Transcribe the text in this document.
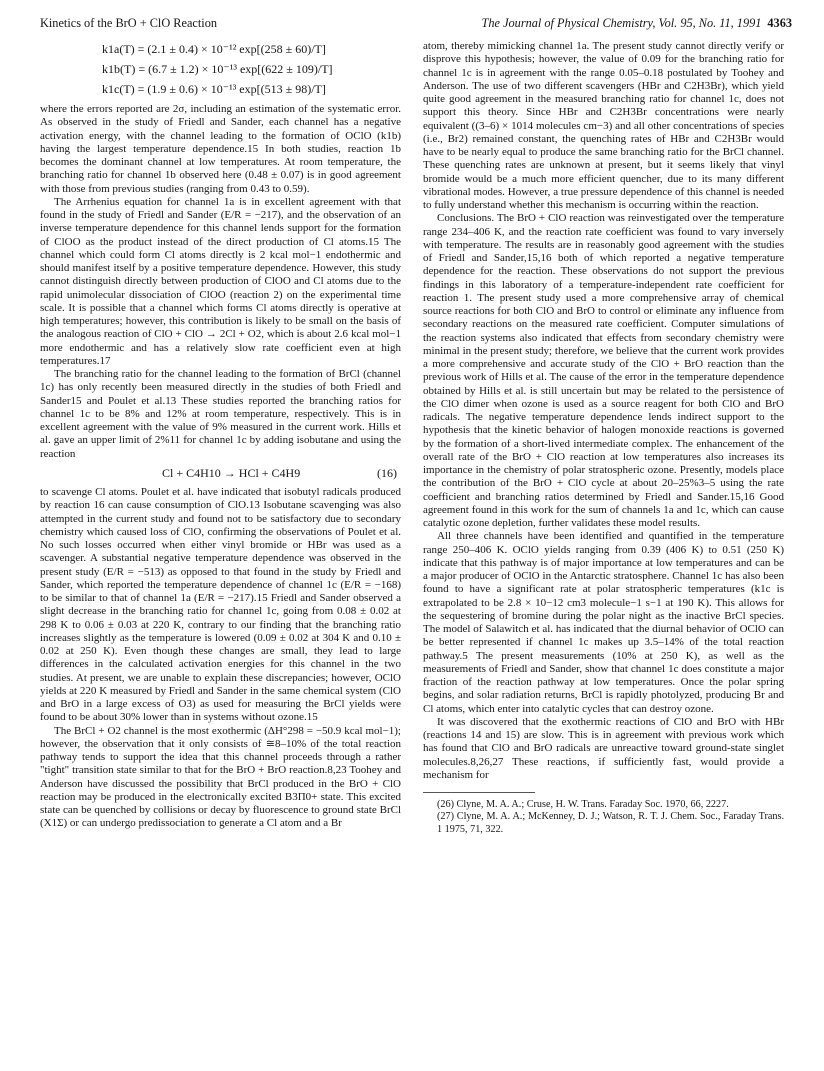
Kinetics of the BrO + ClO Reaction	The Journal of Physical Chemistry, Vol. 95, No. 11, 1991 4363
k1a(T) = (2.1 ± 0.4) × 10⁻¹² exp[(258 ± 60)/T]
k1b(T) = (6.7 ± 1.2) × 10⁻¹³ exp[(622 ± 109)/T]
k1c(T) = (1.9 ± 0.6) × 10⁻¹³ exp[(513 ± 98)/T]

where the errors reported are 2σ, including an estimation of the systematic error. As observed in the study of Friedl and Sander, each channel has a negative activation energy, with the channel leading to the formation of OClO (k1b) having the largest temperature dependence.15 In both studies, reaction 1b becomes the dominant channel at low temperatures. At room temperature, the branching ratio for channel 1b observed here (0.48 ± 0.07) is in good agreement with those from previous studies (ranging from 0.43 to 0.59).

The Arrhenius equation for channel 1a is in excellent agreement with that found in the study of Friedl and Sander (E/R = −217), and the observation of an inverse temperature dependence for this channel lends support for the formation of ClOO as the product instead of the direct production of Cl atoms.15 The channel which could form Cl atoms directly is 2 kcal mol−1 endothermic and should manifest itself by a positive temperature dependence. However, this study cannot distinguish directly between production of ClOO and Cl atoms due to the rapid unimolecular dissociation of ClOO (reaction 2) on the experimental time scale. It is possible that a channel which forms Cl atoms directly is operative at high temperatures; however, this contribution is likely to be small on the basis of the analogous reaction of ClO + ClO → 2Cl + O2, which is about 2.6 kcal mol−1 more endothermic and has a relatively slow rate coefficient even at high temperatures.17

The branching ratio for the channel leading to the formation of BrCl (channel 1c) has only recently been measured directly in the studies of both Friedl and Sander15 and Poulet et al.13 These studies reported the branching ratios for channel 1c to be 8% and 12% at room temperature, respectively. This is in excellent agreement with the value of 9% measured in the current work. Hills et al. gave an upper limit of 2%11 for channel 1c by adding isobutane and using the reaction

Cl + C4H10 → HCl + C4H9	(16)

to scavenge Cl atoms. Poulet et al. have indicated that isobutyl radicals produced by reaction 16 can cause consumption of ClO.13 Isobutane scavenging was also attempted in the current study and found not to be satisfactory due to secondary chemistry which caused loss of ClO, confirming the observations of Poulet et al. No such losses occurred when either vinyl bromide or HBr was used as a scavenger. A substantial negative temperature dependence was observed in the present study (E/R = −513) as opposed to that found in the study by Friedl and Sander, which reported the temperature dependence of channel 1c (E/R = −168) to be similar to that of channel 1a (E/R = −217).15 Friedl and Sander observed a slight decrease in the branching ratio for channel 1c, going from 0.08 ± 0.02 at 298 K to 0.06 ± 0.03 at 220 K, contrary to our finding that the branching ratio increases slightly as the temperature is lowered (0.09 ± 0.02 at 304 K and 0.10 ± 0.02 at 250 K). Even though these changes are small, they lead to large differences in the calculated activation energies for this channel in the two studies. At present, we are unable to explain these discrepancies; however, OClO yields at 220 K measured by Friedl and Sander in the same chemical system (ClO and BrO in a large excess of O3) as used for measuring the BrCl yields were found to be about 30% lower than in systems without ozone.15

The BrCl + O2 channel is the most exothermic (ΔH°298 = −50.9 kcal mol−1); however, the observation that it only consists of ≅8–10% of the total reaction pathway tends to support the idea that this channel proceeds through a rather "tight" transition state similar to that for the BrO + BrO reaction.8,23 Toohey and Anderson have discussed the possibility that BrCl produced in the BrO + ClO reaction may be produced in the electronically excited B3Π0+ state. This excited state can be quenched by collisions or decay by fluorescence to ground state BrCl (X1Σ) or can undergo predissociation to generate a Cl atom and a Br

atom, thereby mimicking channel 1a. The present study cannot directly verify or disprove this hypothesis; however, the value of 0.09 for the branching ratio for channel 1c is in agreement with the range 0.05–0.18 postulated by Toohey and Anderson. The use of two different scavengers (HBr and C2H3Br), which yield quite good agreement in the measured branching ratio for channel 1c, does not support this theory. Since HBr and C2H3Br concentrations were nearly equivalent ((3–6) × 1014 molecules cm−3) and all other concentrations of species (i.e., Br2) remained constant, the quenching rates of HBr and C2H3Br would have to be nearly equal to produce the same branching ratio for the BrCl channel. These quenching rates are unknown at present, but it seems likely that vinyl bromide would be a much more efficient quencher, due to its many different vibrational modes. However, a true pressure dependence of this channel is needed to fully understand whether this mechanism is occurring within the reaction.

Conclusions. The BrO + ClO reaction was reinvestigated over the temperature range 234–406 K, and the reaction rate coefficient was found to vary inversely with temperature. The results are in reasonably good agreement with the studies of Friedl and Sander,15,16 both of which reported a negative temperature dependence for the reaction. These observations do not support the previous findings in this laboratory of a temperature-independent rate coefficient for reaction 1. The present study used a more comprehensive array of chemical source reactions for both ClO and BrO to control or eliminate any influence from secondary reactions on the measured rate coefficient. Computer simulations of the reaction systems also indicated that effects from secondary chemistry were minimal in the present study; therefore, we believe that the current work provides a more comprehensive and accurate study of the ClO + BrO reaction than the previous work of Hills et al. The cause of the error in the temperature dependence obtained by Hills et al. is still uncertain but may be related to the persistence of the ClO dimer when ozone is used as a source reagent for both ClO and BrO radicals. The negative temperature dependence lends indirect support to the hypothesis that the kinetic behavior of halogen monoxide reactions is governed by the formation of a short-lived intermediate complex. The enhancement of the overall rate of the BrO + ClO reaction at low temperatures also increases its importance in the chemistry of polar stratospheric ozone. Presently, models place the contribution of the BrO + ClO cycle at about 20–25%3–5 using the rate coefficient and branching ratios determined by Friedl and Sander.15,16 Good agreement found in this work for the sum of channels 1a and 1c, which can cause catalytic ozone depletion, further validates these model results.

All three channels have been identified and quantified in the temperature range 250–406 K. OClO yields ranging from 0.39 (406 K) to 0.51 (250 K) indicate that this pathway is of major importance at low temperatures and can be a major producer of OClO in the Antarctic stratosphere. Channel 1c has also been found to have a significant rate at polar stratospheric temperatures (k1c is extrapolated to be 2.8 × 10−12 cm3 molecule−1 s−1 at 190 K). This allows for the sequestering of bromine during the polar night as the inactive BrCl species. The model of Salawitch et al. has indicated that the diurnal behavior of OClO can be better represented if channel 1c makes up 3.5–14% of the total reaction pathway.5 The present measurements (10% at 250 K), as well as the measurements of Friedl and Sander, show that channel 1c does constitute a major fraction of the reaction pathway at low temperatures. Once the polar spring begins, and solar radiation returns, BrCl is rapidly photolyzed, producing Br and Cl atoms, which enter into catalytic cycles that can destroy ozone.

It was discovered that the exothermic reactions of ClO and BrO with HBr (reactions 14 and 15) are slow. This is in agreement with previous work which has found that ClO and BrO radicals are unreactive toward ground-state singlet molecules.8,26,27 These reactions, if sufficiently fast, would provide a mechanism for

(26) Clyne, M. A. A.; Cruse, H. W. Trans. Faraday Soc. 1970, 66, 2227.
(27) Clyne, M. A. A.; McKenney, D. J.; Watson, R. T. J. Chem. Soc., Faraday Trans. 1 1975, 71, 322.
